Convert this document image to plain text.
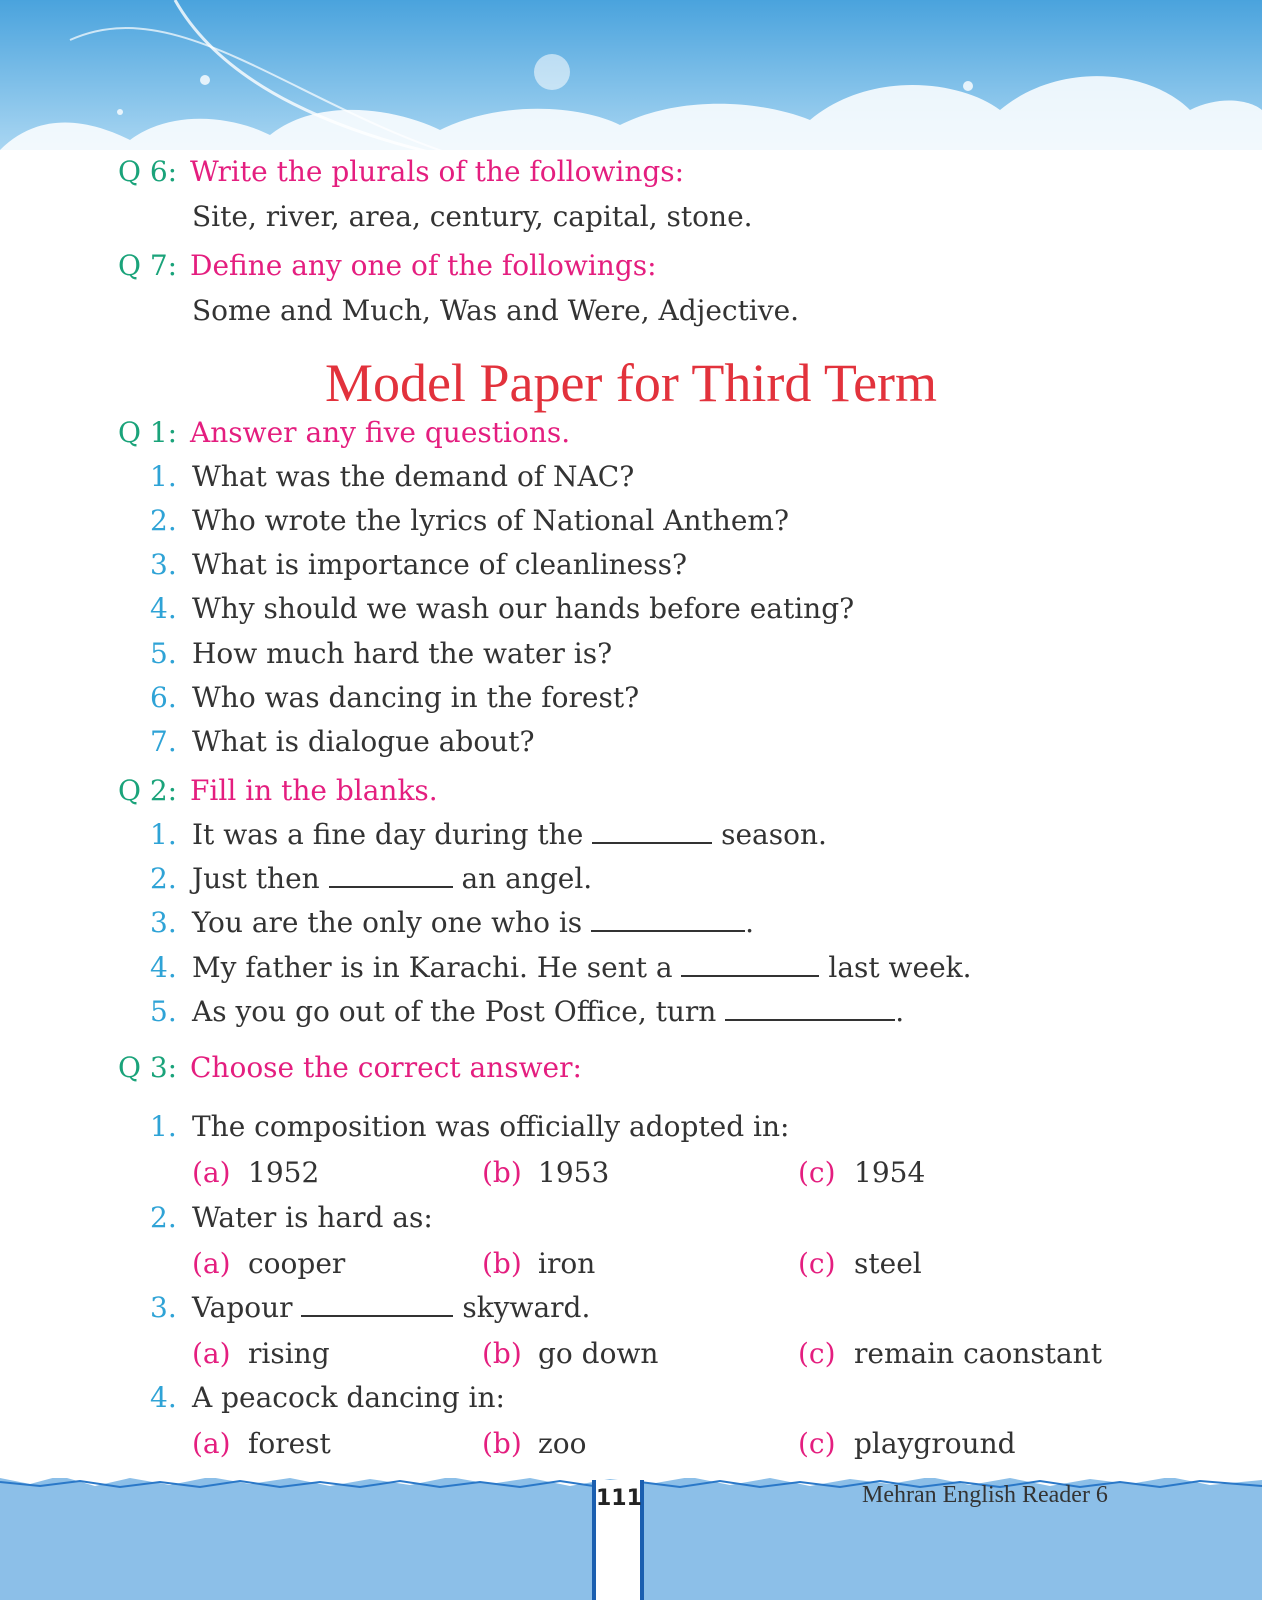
Q 6: Write the plurals of the followings:
Site, river, area, century, capital, stone.
Q 7: Define any one of the followings:
Some and Much, Was and Were, Adjective.
Model Paper for Third Term
Q 1: Answer any five questions.
1. What was the demand of NAC?
2. Who wrote the lyrics of National Anthem?
3. What is importance of cleanliness?
4. Why should we wash our hands before eating?
5. How much hard the water is?
6. Who was dancing in the forest?
7. What is dialogue about?
Q 2: Fill in the blanks.
1. It was a fine day during the	season.
2. Just then	an angel.
3. You are the only one who is	.
4. My father is in Karachi. He sent a	last week.
5. As you go out of the Post Office, turn	.
Q 3: Choose the correct answer:
1. The composition was officially adopted in:
(a) 1952	(b) 1953	(c) 1954
2. Water is hard as:
(a) cooper	(b) iron	(c) steel
3. Vapour	skyward.
(a) rising	(b) go down	(c) remain caonstant
4. A peacock dancing in:
(a) forest	(b) zoo	(c) playground
111	Mehran English Reader 6
